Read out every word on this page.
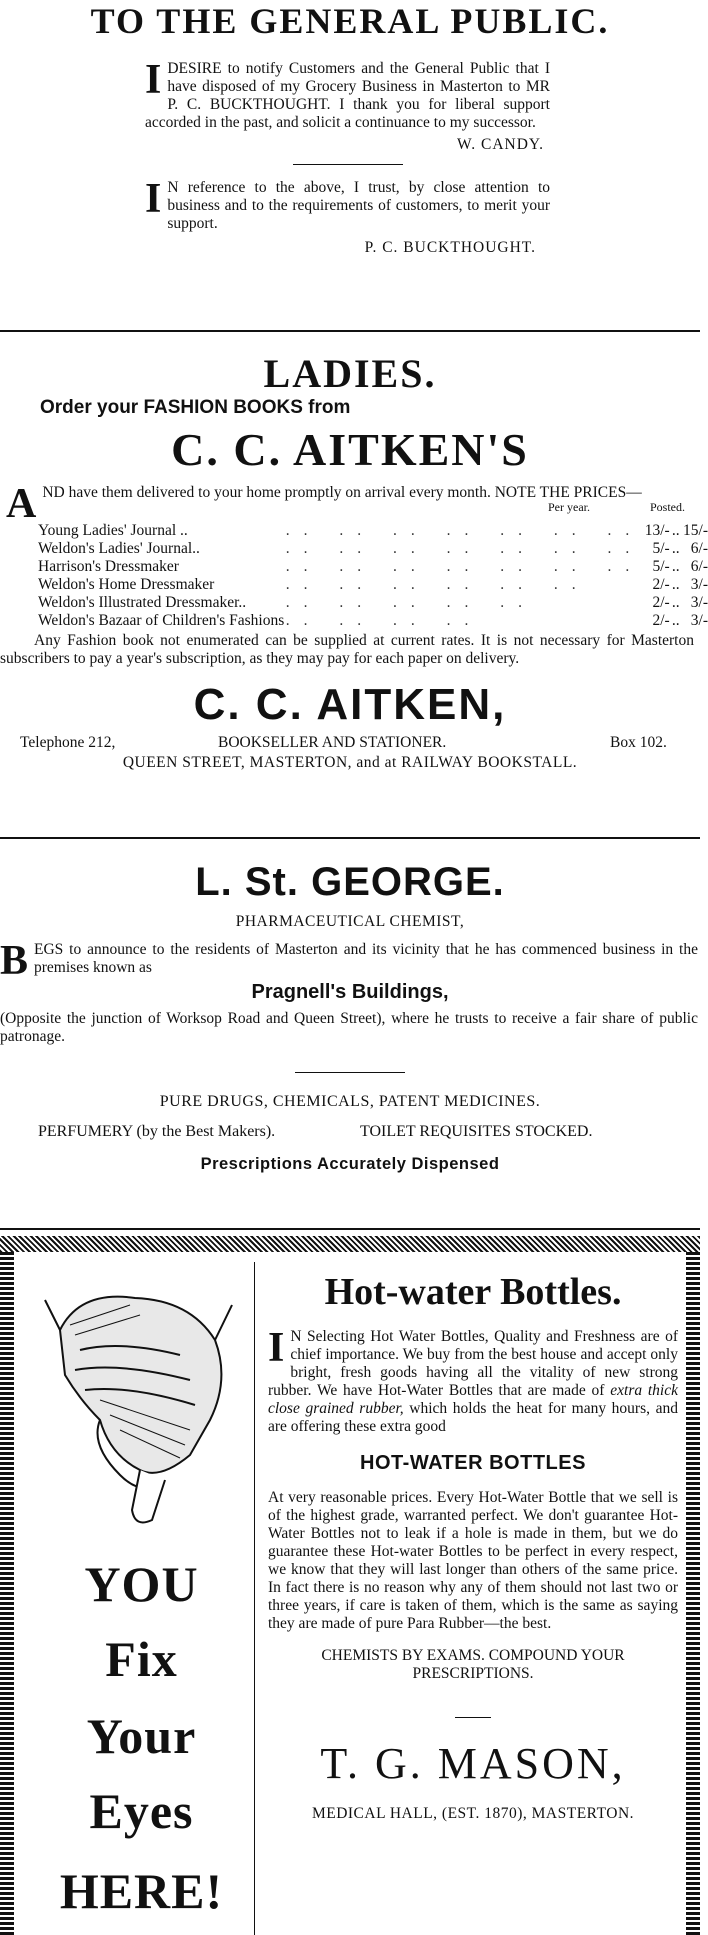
TO THE GENERAL PUBLIC.
I DESIRE to notify Customers and the General Public that I have disposed of my Grocery Business in Masterton to MR P. C. BUCKTHOUGHT. I thank you for liberal support accorded in the past, and solicit a continuance to my successor.
W. CANDY.
I N reference to the above, I trust, by close attention to business and to the requirements of customers, to merit your support.
P. C. BUCKTHOUGHT.
LADIES.
Order your FASHION BOOKS from
C. C. AITKEN'S
A ND have them delivered to your home promptly on arrival every month. NOTE THE PRICES—
Per year.	Posted.
Young Ladies' Journal ..	.. .. .. .. .. .. ..	13/-	..	15/-
Weldon's Ladies' Journal..	.. .. .. .. .. .. ..	5/-	..	6/-
Harrison's Dressmaker	.. .. .. .. .. .. ..	5/-	..	6/-
Weldon's Home Dressmaker	.. .. .. .. .. ..	2/-	..	3/-
Weldon's Illustrated Dressmaker..	.. .. .. .. ..	2/-	..	3/-
Weldon's Bazaar of Children's Fashions	.. .. .. ..	2/-	..	3/-
Any Fashion book not enumerated can be supplied at current rates. It is not necessary for Masterton subscribers to pay a year's subscription, as they may pay for each paper on delivery.
C. C. AITKEN,
Telephone 212,	BOOKSELLER AND STATIONER.	Box 102.
QUEEN STREET, MASTERTON, and at RAILWAY BOOKSTALL.
L. St. GEORGE.
PHARMACEUTICAL CHEMIST,
B EGS to announce to the residents of Masterton and its vicinity that he has commenced business in the premises known as
Pragnell's Buildings,
(Opposite the junction of Worksop Road and Queen Street), where he trusts to receive a fair share of public patronage.
PURE DRUGS, CHEMICALS, PATENT MEDICINES.
PERFUMERY (by the Best Makers).	TOILET REQUISITES STOCKED.
Prescriptions Accurately Dispensed
YOU
Fix
Your
Eyes
HERE!
Hot-water Bottles.
I N Selecting Hot Water Bottles, Quality and Freshness are of chief importance. We buy from the best house and accept only bright, fresh goods having all the vitality of new strong rubber. We have Hot-Water Bottles that are made of extra thick close grained rubber, which holds the heat for many hours, and are offering these extra good
HOT-WATER BOTTLES
At very reasonable prices. Every Hot-Water Bottle that we sell is of the highest grade, warranted perfect. We don't guarantee Hot-Water Bottles not to leak if a hole is made in them, but we do guarantee these Hot-water Bottles to be perfect in every respect, we know that they will last longer than others of the same price. In fact there is no reason why any of them should not last two or three years, if care is taken of them, which is the same as saying they are made of pure Para Rubber—the best.
CHEMISTS BY EXAMS. COMPOUND YOUR PRESCRIPTIONS.
T. G. MASON,
MEDICAL HALL, (EST. 1870), MASTERTON.
